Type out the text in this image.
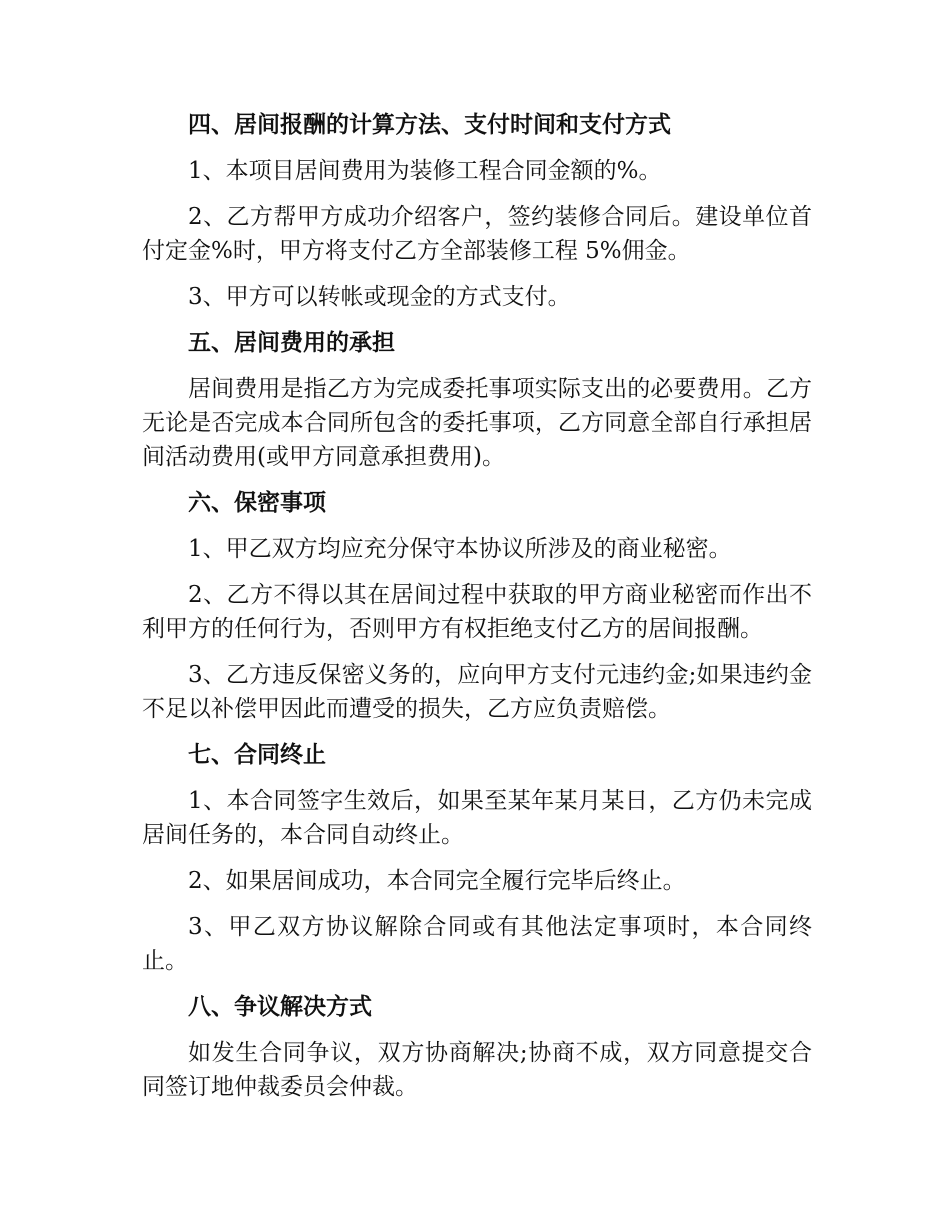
四、居间报酬的计算方法、支付时间和支付方式

1、本项目居间费用为装修工程合同金额的%。

2、乙方帮甲方成功介绍客户，签约装修合同后。建设单位首付定金%时，甲方将支付乙方全部装修工程 5%佣金。

3、甲方可以转帐或现金的方式支付。

五、居间费用的承担

居间费用是指乙方为完成委托事项实际支出的必要费用。乙方无论是否完成本合同所包含的委托事项，乙方同意全部自行承担居间活动费用(或甲方同意承担费用)。

六、保密事项

1、甲乙双方均应充分保守本协议所涉及的商业秘密。

2、乙方不得以其在居间过程中获取的甲方商业秘密而作出不利甲方的任何行为，否则甲方有权拒绝支付乙方的居间报酬。

3、乙方违反保密义务的，应向甲方支付元违约金;如果违约金不足以补偿甲因此而遭受的损失，乙方应负责赔偿。

七、合同终止

1、本合同签字生效后，如果至某年某月某日，乙方仍未完成居间任务的，本合同自动终止。

2、如果居间成功，本合同完全履行完毕后终止。

3、甲乙双方协议解除合同或有其他法定事项时，本合同终止。

八、争议解决方式

如发生合同争议，双方协商解决;协商不成，双方同意提交合同签订地仲裁委员会仲裁。
